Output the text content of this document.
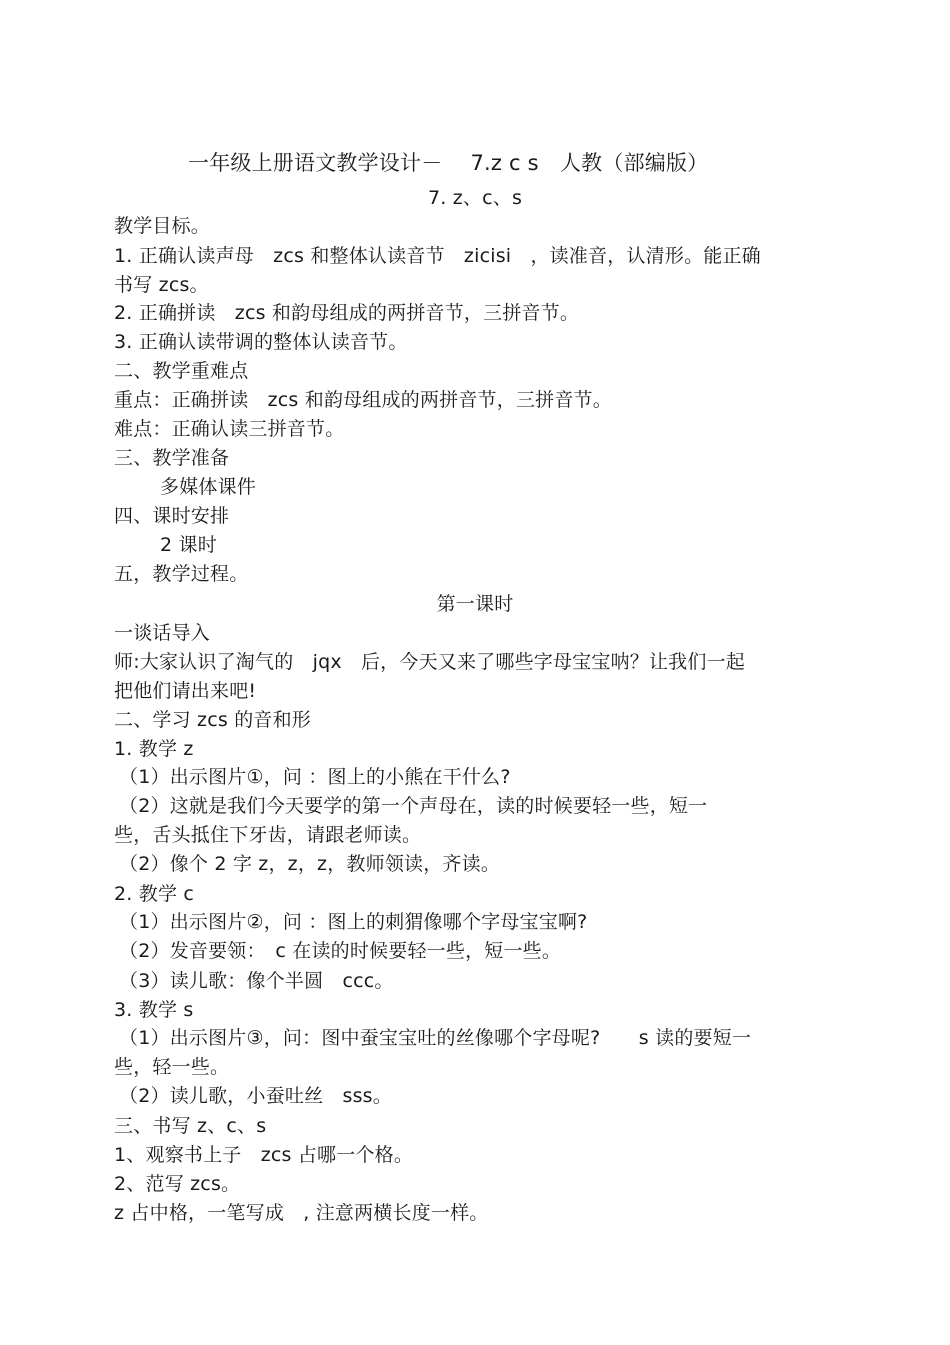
一年级上册语文教学设计－　 7.z c s　人教（部编版）
7. z、c、s
教学目标。
1. 正确认读声母　zcs 和整体认读音节　zicisi　，读准音，认清形。能正确
书写 zcs。
2. 正确拼读　zcs 和韵母组成的两拼音节，三拼音节。
3. 正确认读带调的整体认读音节。
二、教学重难点
重点：正确拼读　zcs 和韵母组成的两拼音节，三拼音节。
难点：正确认读三拼音节。
三、教学准备
多媒体课件
四、课时安排
2 课时
五，教学过程。
第一课时
一谈话导入
师:大家认识了淘气的　jqx　后，今天又来了哪些字母宝宝呐？让我们一起
把他们请出来吧!
二、学习 zcs 的音和形
1. 教学 z
（1）出示图片①，问 ：图上的小熊在干什么?
（2）这就是我们今天要学的第一个声母在，读的时候要轻一些，短一
些，舌头抵住下牙齿，请跟老师读。
（2）像个 2 字 z，z，z，教师领读，齐读。
2. 教学 c
（1）出示图片②，问 ：图上的刺猬像哪个字母宝宝啊?
（2）发音要领：　c 在读的时候要轻一些，短一些。
（3）读儿歌：像个半圆　ccc。
3. 教学 s
（1）出示图片③，问：图中蚕宝宝吐的丝像哪个字母呢?　　s 读的要短一
些，轻一些。
（2）读儿歌，小蚕吐丝　sss。
三、书写 z、c、s
1、观察书上子　zcs 占哪一个格。
2、范写 zcs。
z 占中格，一笔写成　, 注意两横长度一样。
